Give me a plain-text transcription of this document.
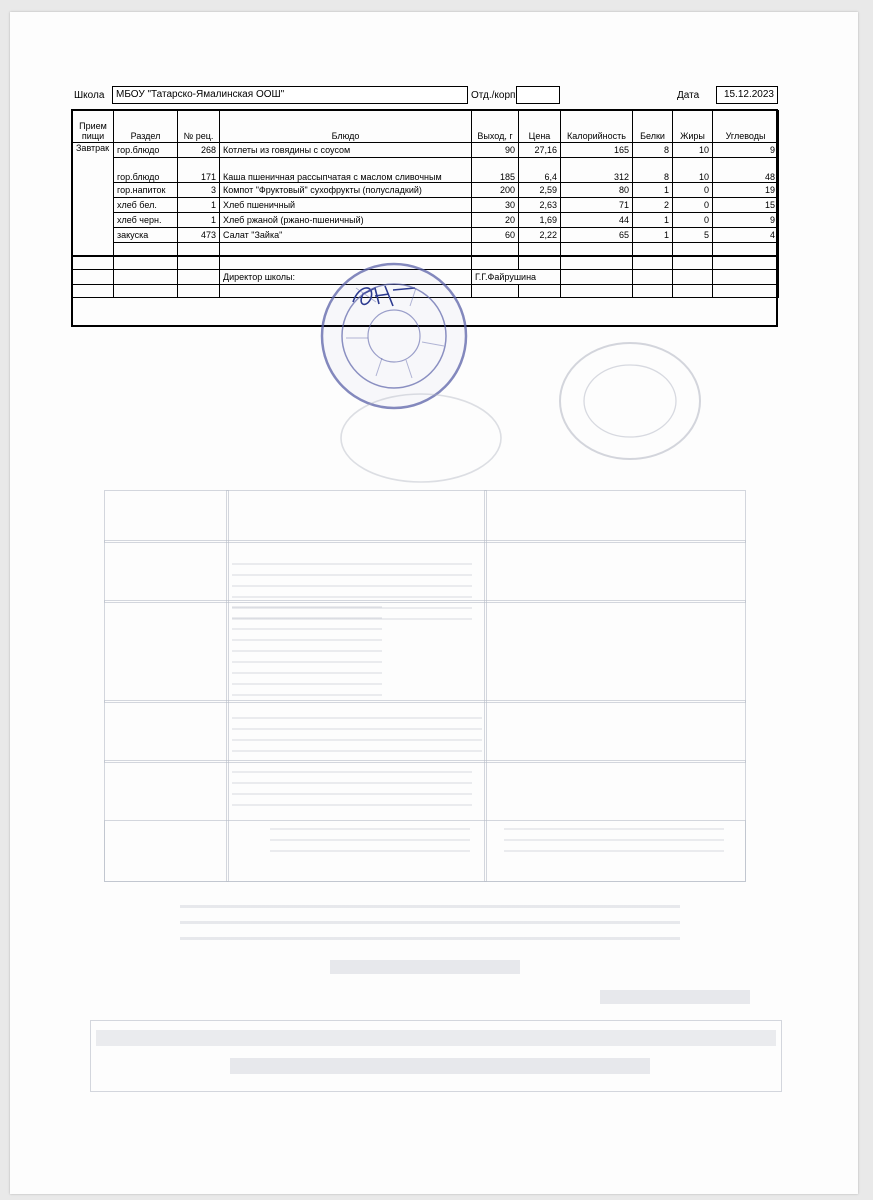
Школа	МБОУ "Татарско-Ямалинская ООШ"	Отд./корп	Дата	15.12.2023
Прием пищи	Раздел	№ рец.	Блюдо	Выход, г	Цена	Калорийность	Белки	Жиры	Углеводы
Завтрак	гор.блюдо	268	Котлеты из говядины с соусом	90	27,16	165	8	10	9
	гор.блюдо	171	Каша пшеничная рассыпчатая с маслом сливочным	185	6,4	312	8	10	48
	гор.напиток	3	Компот "Фруктовый" сухофрукты (полусладкий)	200	2,59	80	1	0	19
	хлеб бел.	1	Хлеб пшеничный	30	2,63	71	2	0	15
	хлеб черн.	1	Хлеб ржаной (ржано-пшеничный)	20	1,69	44	1	0	9
	закуска	473	Салат "Зайка"	60	2,22	65	1	5	4

			Директор школы:	Г.Г.Файрушина					
